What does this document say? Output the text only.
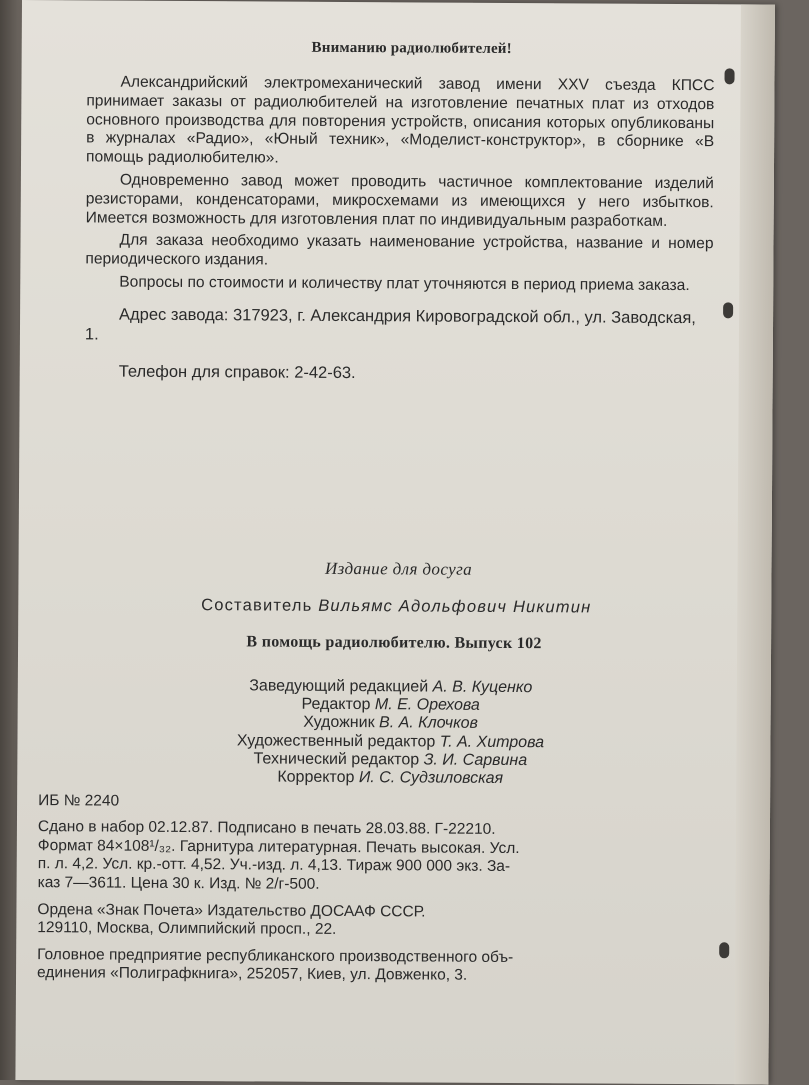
Вниманию радиолюбителей!

Александрийский электромеханический завод имени XXV съезда КПСС принимает заказы от радиолюбителей на изготовление печатных плат из отходов основного производства для повторения устройств, описания которых опубликованы в журналах «Радио», «Юный техник», «Моделист-конструктор», в сборнике «В помощь радиолюбителю».

Одновременно завод может проводить частичное комплектование изделий резисторами, конденсаторами, микросхемами из имеющихся у него избытков. Имеется возможность для изготовления плат по индивидуальным разработкам.

Для заказа необходимо указать наименование устройства, название и номер периодического издания.

Вопросы по стоимости и количеству плат уточняются в период приема заказа.

Адрес завода: 317923, г. Александрия Кировоградской обл., ул. Заводская, 1.

Телефон для справок: 2-42-63.

Издание для досуга
Составитель Вильямс Адольфович Никитин
В помощь радиолюбителю. Выпуск 102
Заведующий редакцией А. В. Куценко
Редактор М. Е. Орехова
Художник В. А. Клочков
Художественный редактор Т. А. Хитрова
Технический редактор З. И. Сарвина
Корректор И. С. Судзиловская
ИБ № 2240
Сдано в набор 02.12.87. Подписано в печать 28.03.88. Г-22210.
Формат 84×108¹/₃₂. Гарнитура литературная. Печать высокая. Усл.
п. л. 4,2. Усл. кр.-отт. 4,52. Уч.-изд. л. 4,13. Тираж 900 000 экз. За-
каз 7—3611. Цена 30 к. Изд. № 2/г-500.
Ордена «Знак Почета» Издательство ДОСААФ СССР.
129110, Москва, Олимпийский просп., 22.
Головное предприятие республиканского производственного объ-
единения «Полиграфкнига», 252057, Киев, ул. Довженко, 3.
